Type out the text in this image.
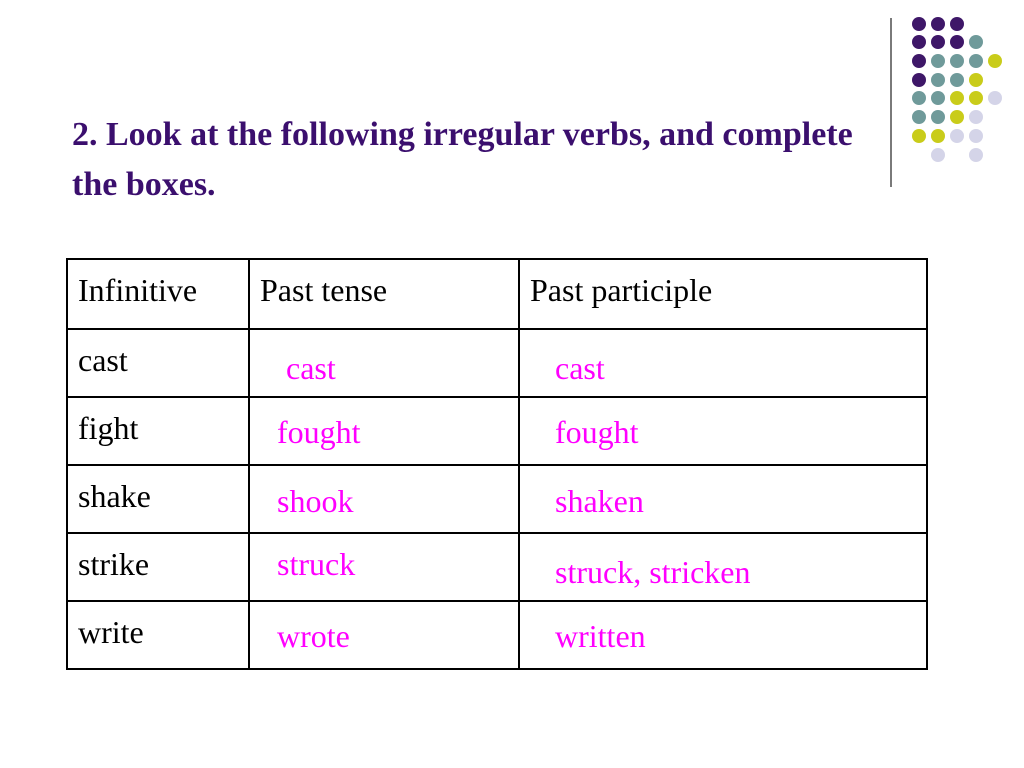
2. Look at the following irregular verbs, and complete the boxes.
Infinitive	Past tense	Past participle

cast	cast	cast

fight	fought	fought

shake	shook	shaken

strike	struck	struck, stricken

write	wrote	written
